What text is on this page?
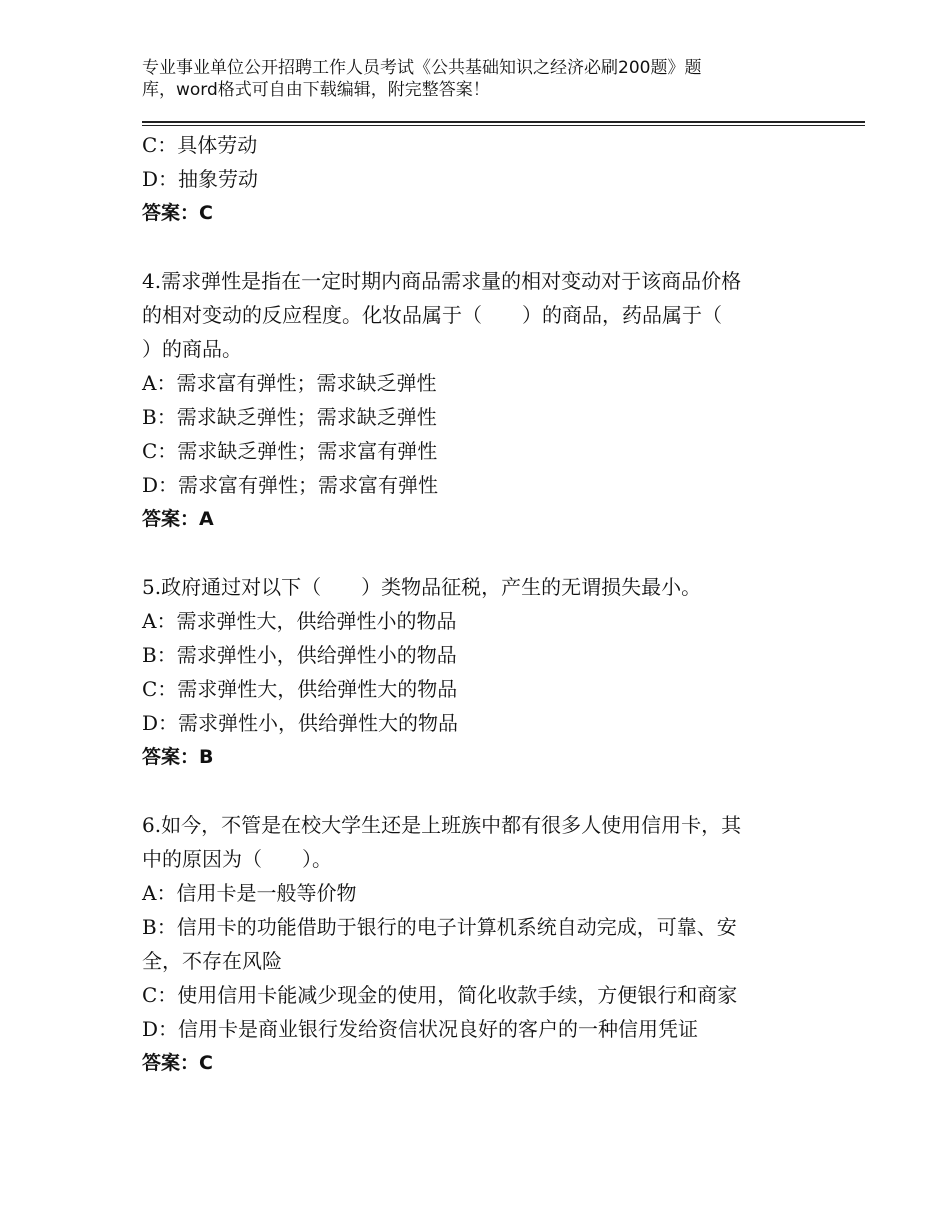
专业事业单位公开招聘工作人员考试《公共基础知识之经济必刷200题》题
库，word格式可自由下载编辑，附完整答案！
C：具体劳动
D：抽象劳动
答案：C
4.需求弹性是指在一定时期内商品需求量的相对变动对于该商品价格
的相对变动的反应程度。化妆品属于（　　）的商品，药品属于（
）的商品。
A：需求富有弹性；需求缺乏弹性
B：需求缺乏弹性；需求缺乏弹性
C：需求缺乏弹性；需求富有弹性
D：需求富有弹性；需求富有弹性
答案：A
5.政府通过对以下（　　）类物品征税，产生的无谓损失最小。
A：需求弹性大，供给弹性小的物品
B：需求弹性小，供给弹性小的物品
C：需求弹性大，供给弹性大的物品
D：需求弹性小，供给弹性大的物品
答案：B
6.如今，不管是在校大学生还是上班族中都有很多人使用信用卡，其
中的原因为（　　）。
A：信用卡是一般等价物
B：信用卡的功能借助于银行的电子计算机系统自动完成，可靠、安
全，不存在风险
C：使用信用卡能减少现金的使用，简化收款手续，方便银行和商家
D：信用卡是商业银行发给资信状况良好的客户的一种信用凭证
答案：C
